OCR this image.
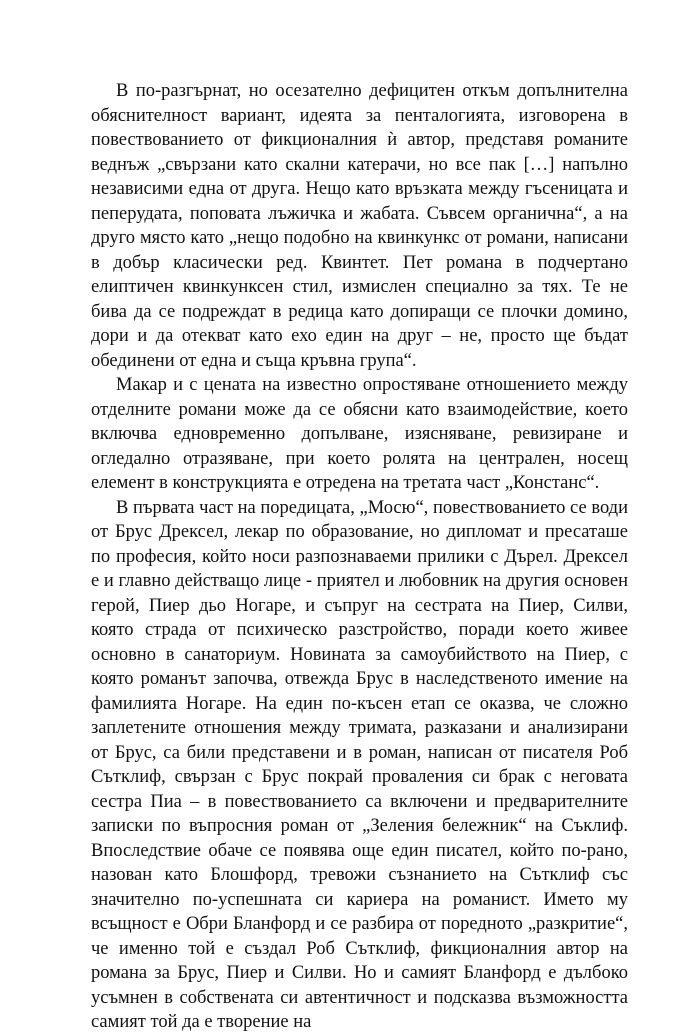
В по-разгърнат, но осезателно дефицитен откъм допълнителна обяснителност вариант, идеята за пенталогията, изговорена в повествованието от фикционалния ѝ автор, представя романите веднъж „свързани като скални катерачи, но все пак […] напълно независими една от друга. Нещо като връзката между гъсеницата и пеперудата, поповата лъжичка и жабата. Съвсем органична“, а на друго място като „нещо подобно на квинкункс от романи, написани в добър класически ред. Квинтет. Пет романа в подчертано елиптичен квинкунксен стил, измислен специално за тях. Те не бива да се подреждат в редица като допиращи се плочки домино, дори и да отекват като ехо един на друг – не, просто ще бъдат обединени от една и съща кръвна група“.

Макар и с цената на известно опростяване отношението между отделните романи може да се обясни като взаимодействие, което включва едновременно допълване, изясняване, ревизиране и огледално отразяване, при което ролята на централен, носещ елемент в конструкцията е отредена на третата част „Констанс“.

В първата част на поредицата, „Мосю“, повествованието се води от Брус Дрексел, лекар по образование, но дипломат и пресаташе по професия, който носи разпознаваеми прилики с Дърел. Дрексел е и главно действащо лице - приятел и любовник на другия основен герой, Пиер дьо Ногаре, и съпруг на сестрата на Пиер, Силви, която страда от психическо разстройство, поради което живее основно в санаториум. Новината за самоубийството на Пиер, с която романът започва, отвежда Брус в наследственото имение на фамилията Ногаре. На един по-късен етап се оказва, че сложно заплетените отношения между тримата, разказани и анализирани от Брус, са били представени и в роман, написан от писателя Роб Сътклиф, свързан с Брус покрай проваления си брак с неговата сестра Пиа – в повествованието са включени и предварителните записки по въпросния роман от „Зеления бележник“ на Съклиф. Впоследствие обаче се появява още един писател, който по-рано, назован като Блошфорд, тревожи съзнанието на Сътклиф със значително по-успешната си кариера на романист. Името му всъщност е Обри Бланфорд и се разбира от поредното „разкритие“, че именно той е създал Роб Сътклиф, фикционалния автор на романа за Брус, Пиер и Силви. Но и самият Бланфорд е дълбоко усъмнен в собствената си автентичност и подсказва възможността самият той да е творение на
